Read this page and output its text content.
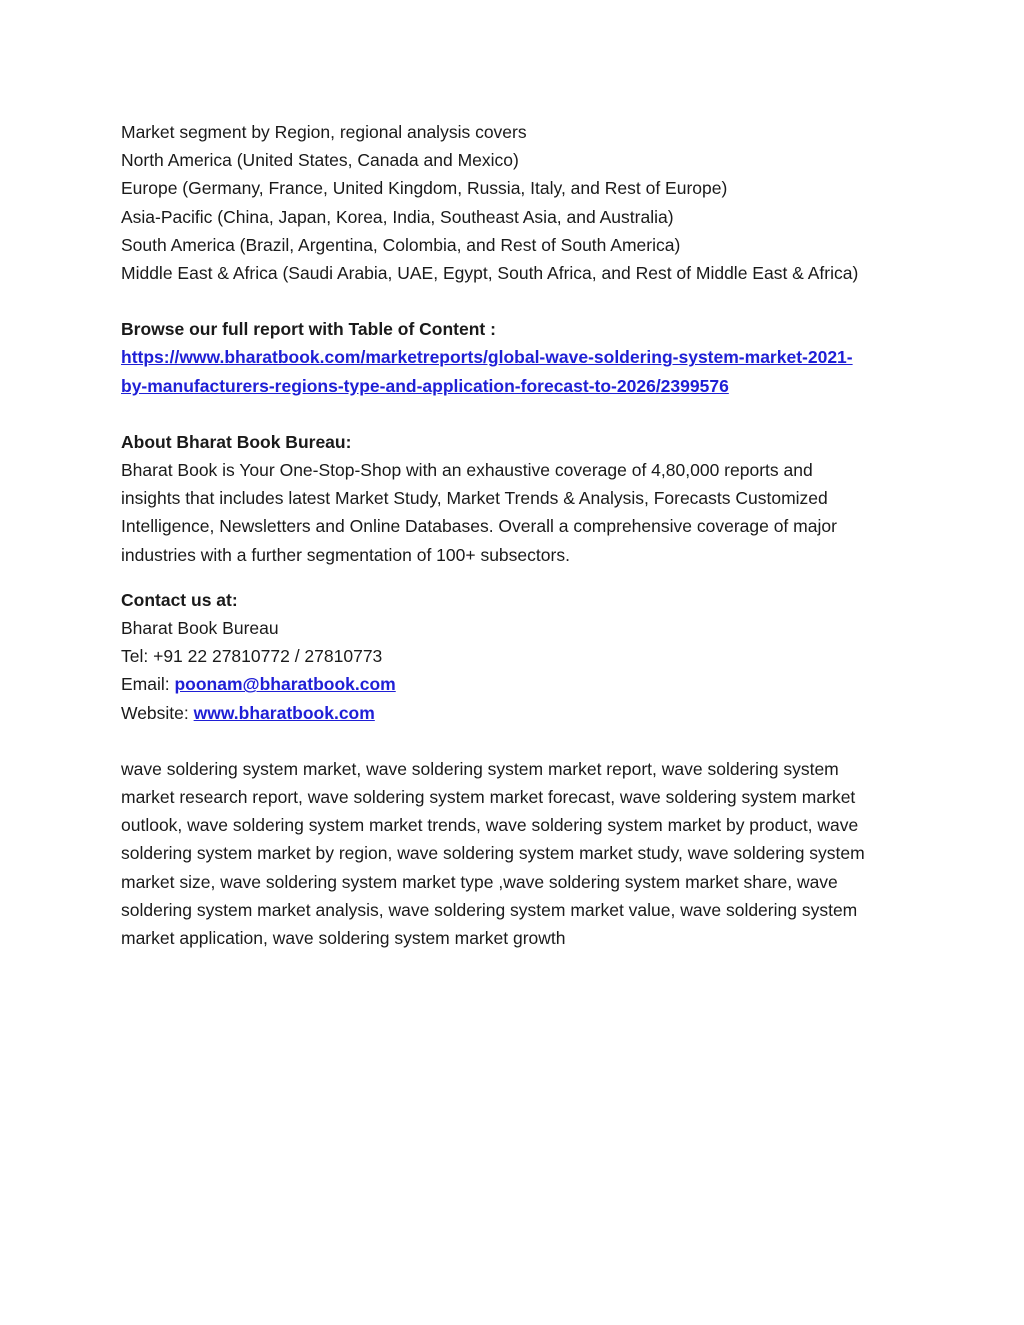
Market segment by Region, regional analysis covers
North America (United States, Canada and Mexico)
Europe (Germany, France, United Kingdom, Russia, Italy, and Rest of Europe)
Asia-Pacific (China, Japan, Korea, India, Southeast Asia, and Australia)
South America (Brazil, Argentina, Colombia, and Rest of South America)
Middle East & Africa (Saudi Arabia, UAE, Egypt, South Africa, and Rest of Middle East & Africa)
Browse our full report with Table of Content :
https://www.bharatbook.com/marketreports/global-wave-soldering-system-market-2021-
by-manufacturers-regions-type-and-application-forecast-to-2026/2399576
About Bharat Book Bureau:
Bharat Book is Your One-Stop-Shop with an exhaustive coverage of 4,80,000 reports and
insights that includes latest Market Study, Market Trends & Analysis, Forecasts Customized
Intelligence, Newsletters and Online Databases. Overall a comprehensive coverage of major
industries with a further segmentation of 100+ subsectors.
Contact us at:
Bharat Book Bureau
Tel: +91 22 27810772 / 27810773
Email: poonam@bharatbook.com
Website: www.bharatbook.com
wave soldering system market, wave soldering system market report, wave soldering system
market research report, wave soldering system market forecast, wave soldering system market
outlook, wave soldering system market trends, wave soldering system market by product, wave
soldering system market by region, wave soldering system market study, wave soldering system
market size, wave soldering system market type ,wave soldering system market share, wave
soldering system market analysis, wave soldering system market value, wave soldering system
market application, wave soldering system market growth
